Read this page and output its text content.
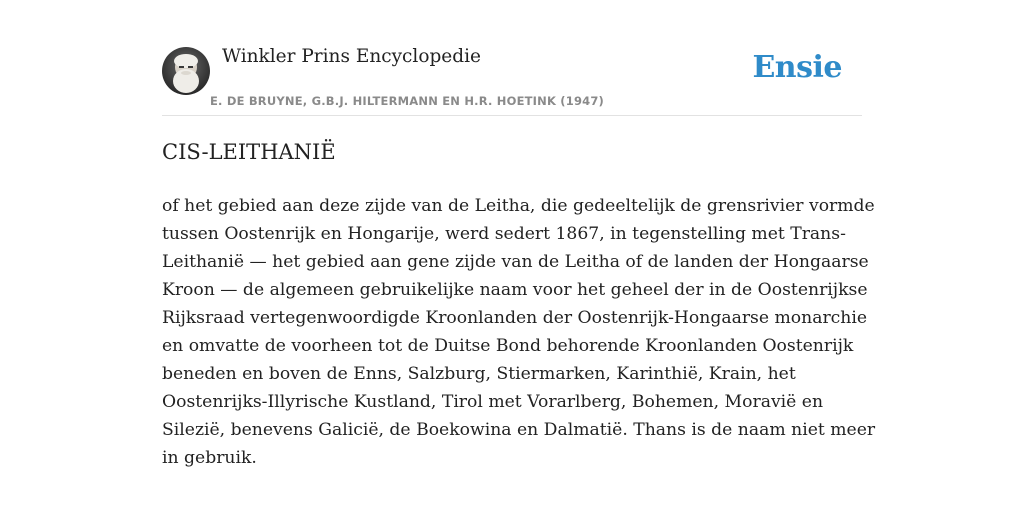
Winkler Prins Encyclopedie
E. DE BRUYNE, G.B.J. HILTERMANN EN H.R. HOETINK (1947)
Ensie
CIS-LEITHANIË
of het gebied aan deze zijde van de Leitha, die gedeeltelijk de grensrivier vormde
tussen Oostenrijk en Hongarije, werd sedert 1867, in tegenstelling met Trans-
Leithanië — het gebied aan gene zijde van de Leitha of de landen der Hongaarse
Kroon — de algemeen gebruikelijke naam voor het geheel der in de Oostenrijkse
Rijksraad vertegenwoordigde Kroonlanden der Oostenrijk-Hongaarse monarchie
en omvatte de voorheen tot de Duitse Bond behorende Kroonlanden Oostenrijk
beneden en boven de Enns, Salzburg, Stiermarken, Karinthië, Krain, het
Oostenrijks-Illyrische Kustland, Tirol met Vorarlberg, Bohemen, Moravië en
Silezië, benevens Galicië, de Boekowina en Dalmatië. Thans is de naam niet meer
in gebruik.
